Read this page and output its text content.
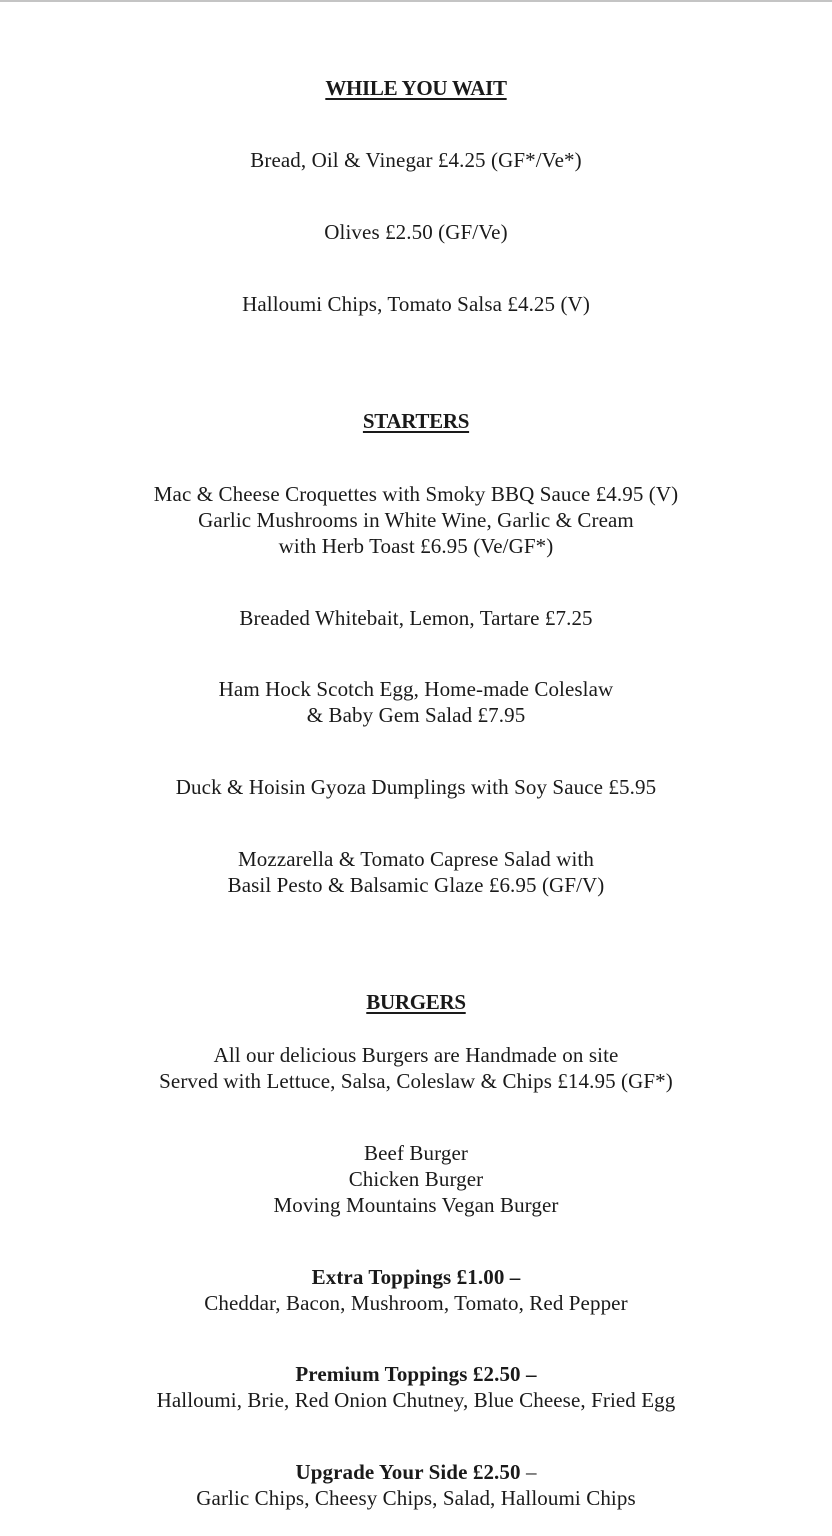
WHILE YOU WAIT
Bread, Oil & Vinegar £4.25 (GF*/Ve*)
Olives £2.50 (GF/Ve)
Halloumi Chips, Tomato Salsa £4.25 (V)
STARTERS
Mac & Cheese Croquettes with Smoky BBQ Sauce £4.95 (V)
Garlic Mushrooms in White Wine, Garlic & Cream
with Herb Toast £6.95 (Ve/GF*)
Breaded Whitebait, Lemon, Tartare £7.25
Ham Hock Scotch Egg, Home-made Coleslaw
& Baby Gem Salad £7.95
Duck & Hoisin Gyoza Dumplings with Soy Sauce £5.95
Mozzarella & Tomato Caprese Salad with
Basil Pesto & Balsamic Glaze £6.95 (GF/V)
BURGERS
All our delicious Burgers are Handmade on site
Served with Lettuce, Salsa, Coleslaw & Chips £14.95 (GF*)
Beef Burger
Chicken Burger
Moving Mountains Vegan Burger
Extra Toppings £1.00 –
Cheddar, Bacon, Mushroom, Tomato, Red Pepper
Premium Toppings £2.50 –
Halloumi, Brie, Red Onion Chutney, Blue Cheese, Fried Egg
Upgrade Your Side £2.50 –
Garlic Chips, Cheesy Chips, Salad, Halloumi Chips
